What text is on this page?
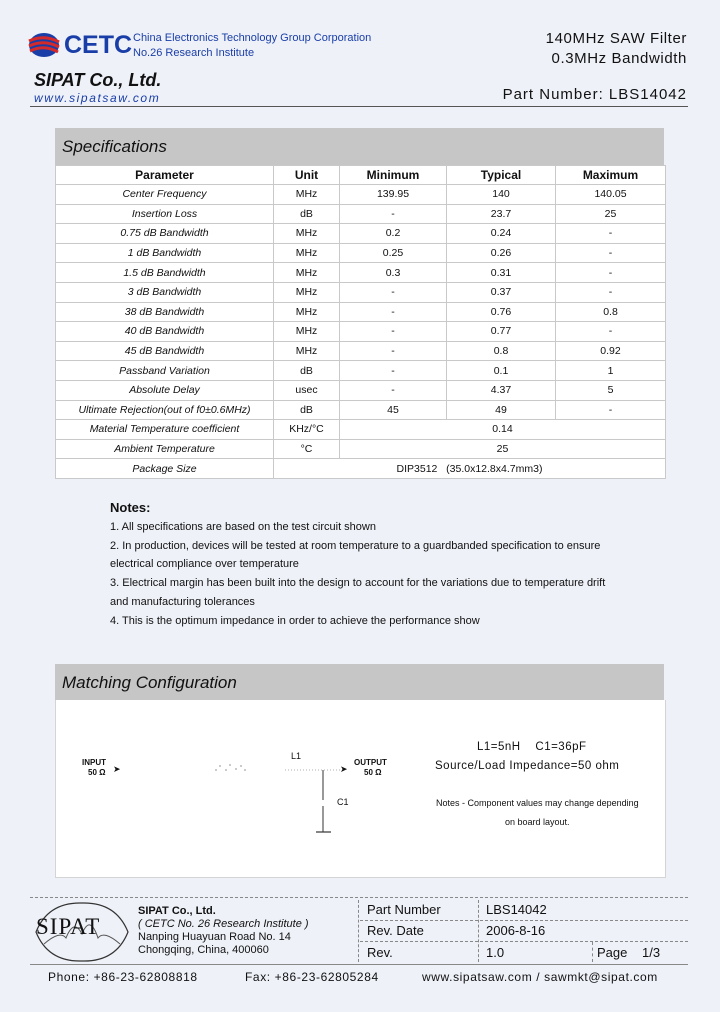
CETC China Electronics Technology Group Corporation
No.26 Research Institute
140MHz SAW Filter
0.3MHz Bandwidth
SIPAT Co., Ltd.
www.sipatsaw.com	Part Number: LBS14042
Specifications
Parameter	Unit	Minimum	Typical	Maximum
Center Frequency	MHz	139.95	140	140.05
Insertion Loss	dB	-	23.7	25
0.75 dB Bandwidth	MHz	0.2	0.24	-
1 dB Bandwidth	MHz	0.25	0.26	-
1.5 dB Bandwidth	MHz	0.3	0.31	-
3 dB Bandwidth	MHz	-	0.37	-
38 dB Bandwidth	MHz	-	0.76	0.8
40 dB Bandwidth	MHz	-	0.77	-
45 dB Bandwidth	MHz	-	0.8	0.92
Passband Variation	dB	-	0.1	1
Absolute Delay	usec	-	4.37	5
Ultimate Rejection(out of f0±0.6MHz)	dB	45	49	-
Material Temperature coefficient	KHz/°C	0.14		
Ambient Temperature	°C	25		
Package Size	DIP3512   (35.0x12.8x4.7mm3)			
Notes:
1. All specifications are based on the test circuit shown
2. In production, devices will be tested at room temperature to a guardbanded specification to ensure
electrical compliance over temperature
3. Electrical margin has been built into the design to account for the variations due to temperature drift
and manufacturing tolerances
4. This is the optimum impedance in order to achieve the performance show
Matching Configuration
INPUT
50 Ω ➤
L1
C1
➤
OUTPUT
50 Ω
L1=5nH    C1=36pF
Source/Load Impedance=50 ohm
Notes - Component values may change depending
on board layout.
SIPAT
SIPAT Co., Ltd.
( CETC No. 26 Research Institute )
Nanping Huayuan Road No. 14
Chongqing, China, 400060
Part Number	LBS14042
Rev. Date	2006-8-16
Rev.	1.0	Page 1/3
Phone: +86-23-62808818	Fax: +86-23-62805284	www.sipatsaw.com / sawmkt@sipat.com
